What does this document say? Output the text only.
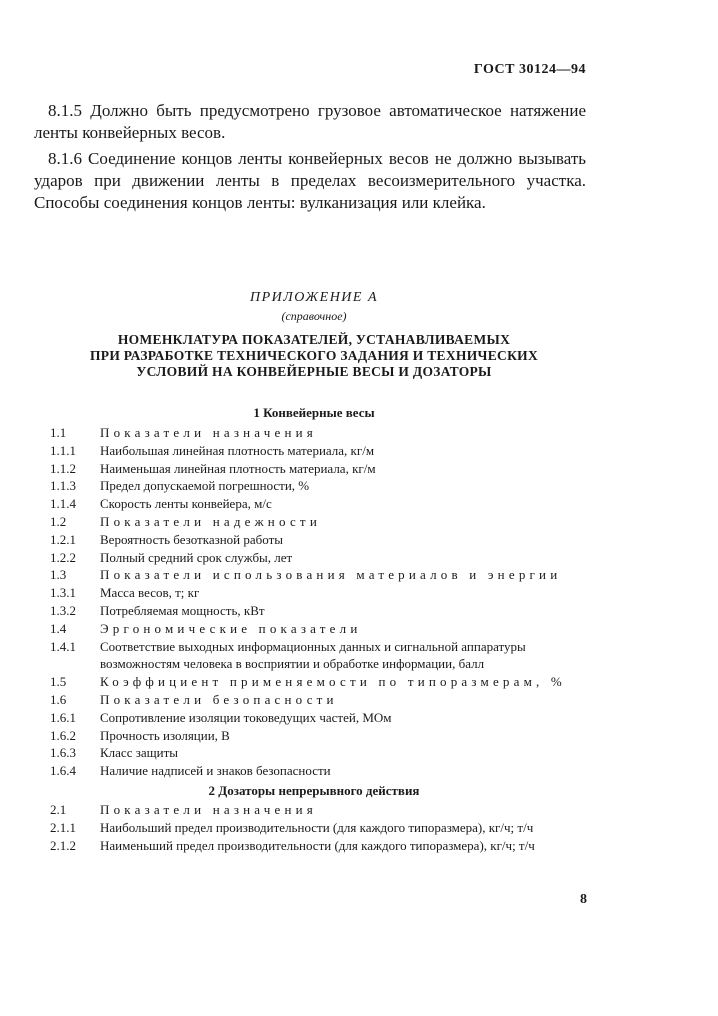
ГОСТ 30124—94

8.1.5 Должно быть предусмотрено грузовое автоматическое натяжение ленты конвейерных весов.

8.1.6 Соединение концов ленты конвейерных весов не должно вызывать ударов при движении ленты в пределах весоизмерительного участка. Способы соединения концов ленты: вулканизация или клейка.

ПРИЛОЖЕНИЕ А
(справочное)
НОМЕНКЛАТУРА ПОКАЗАТЕЛЕЙ, УСТАНАВЛИВАЕМЫХ
ПРИ РАЗРАБОТКЕ ТЕХНИЧЕСКОГО ЗАДАНИЯ И ТЕХНИЧЕСКИХ
УСЛОВИЙ НА КОНВЕЙЕРНЫЕ ВЕСЫ И ДОЗАТОРЫ
1 Конвейерные весы
1.1	Показатели назначения
1.1.1	Наибольшая линейная плотность материала, кг/м
1.1.2	Наименьшая линейная плотность материала, кг/м
1.1.3	Предел допускаемой погрешности, %
1.1.4	Скорость ленты конвейера, м/с
1.2	Показатели надежности
1.2.1	Вероятность безотказной работы
1.2.2	Полный средний срок службы, лет
1.3	Показатели использования материалов и энергии
1.3.1	Масса весов, т; кг
1.3.2	Потребляемая мощность, кВт
1.4	Эргономические показатели
1.4.1	Соответствие выходных информационных данных и сигнальной аппаратуры возможностям человека в восприятии и обработке информации, балл
1.5	Коэффициент применяемости по типоразмерам, %
1.6	Показатели безопасности
1.6.1	Сопротивление изоляции токоведущих частей, МОм
1.6.2	Прочность изоляции, В
1.6.3	Класс защиты
1.6.4	Наличие надписей и знаков безопасности
2 Дозаторы непрерывного действия
2.1	Показатели назначения
2.1.1	Наибольший предел производительности (для каждого типоразмера), кг/ч; т/ч
2.1.2	Наименьший предел производительности (для каждого типоразмера), кг/ч; т/ч
8
